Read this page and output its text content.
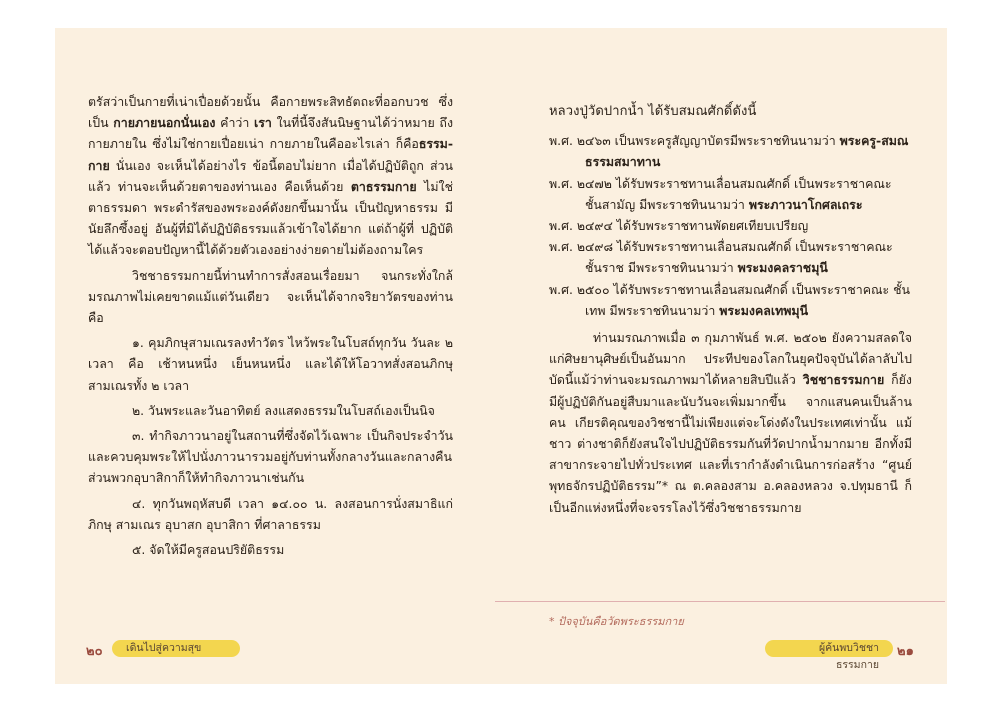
ตรัสว่าเป็นกายที่เน่าเปื่อยด้วยนั้น คือกายพระสิทธัตถะที่ออกบวช ซึ่งเป็น กายภายนอกนั่นเอง คำว่า เรา ในที่นี้จึงสันนิษฐานได้ว่าหมาย ถึง กายภายใน ซึ่งไม่ใช่กายเปื่อยเน่า กายภายในคืออะไรเล่า ก็คือธรรม-กาย นั่นเอง จะเห็นได้อย่างไร ข้อนี้ตอบไม่ยาก เมื่อได้ปฏิบัติถูก ส่วนแล้ว ท่านจะเห็นด้วยตาของท่านเอง คือเห็นด้วย ตาธรรมกาย ไม่ใช่ตาธรรมดา พระดำรัสของพระองค์ดังยกขึ้นมานั้น เป็นปัญหาธรรม มีนัยลึกซึ้งอยู่ อันผู้ที่มิได้ปฏิบัติธรรมแล้วเข้าใจได้ยาก แต่ถ้าผู้ที่ ปฏิบัติได้แล้วจะตอบปัญหานี้ได้ด้วยตัวเองอย่างง่ายดายไม่ต้องถามใคร

วิชชาธรรมกายนี้ท่านทำการสั่งสอนเรื่อยมา จนกระทั่งใกล้ มรณภาพไม่เคยขาดแม้แต่วันเดียว จะเห็นได้จากจริยาวัตรของท่าน คือ

๑. คุมภิกษุสามเณรลงทำวัตร ไหว้พระในโบสถ์ทุกวัน วันละ ๒ เวลา คือ เช้าหนหนึ่ง เย็นหนหนึ่ง และได้ให้โอวาทสั่งสอนภิกษุ สามเณรทั้ง ๒ เวลา

๒. วันพระและวันอาทิตย์ ลงแสดงธรรมในโบสถ์เองเป็นนิจ

๓. ทำกิจภาวนาอยู่ในสถานที่ซึ่งจัดไว้เฉพาะ เป็นกิจประจำวัน และควบคุมพระให้ไปนั่งภาวนารวมอยู่กับท่านทั้งกลางวันและกลางคืน ส่วนพวกอุบาสิกาก็ให้ทำกิจภาวนาเช่นกัน

๔. ทุกวันพฤหัสบดี เวลา ๑๔.๐๐ น. ลงสอนการนั่งสมาธิแก่ ภิกษุ สามเณร อุบาสก อุบาสิกา ที่ศาลาธรรม

๕. จัดให้มีครูสอนปริยัติธรรม

หลวงปู่วัดปากน้ำ ได้รับสมณศักดิ์ดังนี้

พ.ศ. ๒๔๖๓ เป็นพระครูสัญญาบัตรมีพระราชทินนามว่า พระครู-สมณธรรมสมาทาน

พ.ศ. ๒๔๗๒ ได้รับพระราชทานเลื่อนสมณศักดิ์ เป็นพระราชาคณะ ชั้นสามัญ มีพระราชทินนามว่า พระภาวนาโกศลเถระ

พ.ศ. ๒๔๙๔ ได้รับพระราชทานพัดยศเทียบเปรียญ

พ.ศ. ๒๔๙๘ ได้รับพระราชทานเลื่อนสมณศักดิ์ เป็นพระราชาคณะ ชั้นราช มีพระราชทินนามว่า พระมงคลราชมุนี

พ.ศ. ๒๕๐๐ ได้รับพระราชทานเลื่อนสมณศักดิ์ เป็นพระราชาคณะ ชั้นเทพ มีพระราชทินนามว่า พระมงคลเทพมุนี

ท่านมรณภาพเมื่อ ๓ กุมภาพันธ์ พ.ศ. ๒๕๐๒ ยังความสลดใจ แก่ศิษยานุศิษย์เป็นอันมาก ประทีปของโลกในยุคปัจจุบันได้ลาลับไป บัดนี้แม้ว่าท่านจะมรณภาพมาได้หลายสิบปีแล้ว วิชชาธรรมกาย ก็ยัง มีผู้ปฏิบัติกันอยู่สืบมาและนับวันจะเพิ่มมากขึ้น จากแสนคนเป็นล้านคน เกียรติคุณของวิชชานี้ไม่เพียงแต่จะโด่งดังในประเทศเท่านั้น แม้ชาว ต่างชาติก็ยังสนใจไปปฏิบัติธรรมกันที่วัดปากน้ำมากมาย อีกทั้งมี สาขากระจายไปทั่วประเทศ และที่เรากำลังดำเนินการก่อสร้าง “ศูนย์พุทธจักรปฏิบัติธรรม”* ณ ต.คลองสาม อ.คลองหลวง จ.ปทุมธานี ก็เป็นอีกแห่งหนึ่งที่จะจรรโลงไว้ซึ่งวิชชาธรรมกาย

* ปัจจุบันคือวัดพระธรรมกาย
๒๐	เดินไปสู่ความสุข	ผู้ค้นพบวิชชาธรรมกาย
๒๑
